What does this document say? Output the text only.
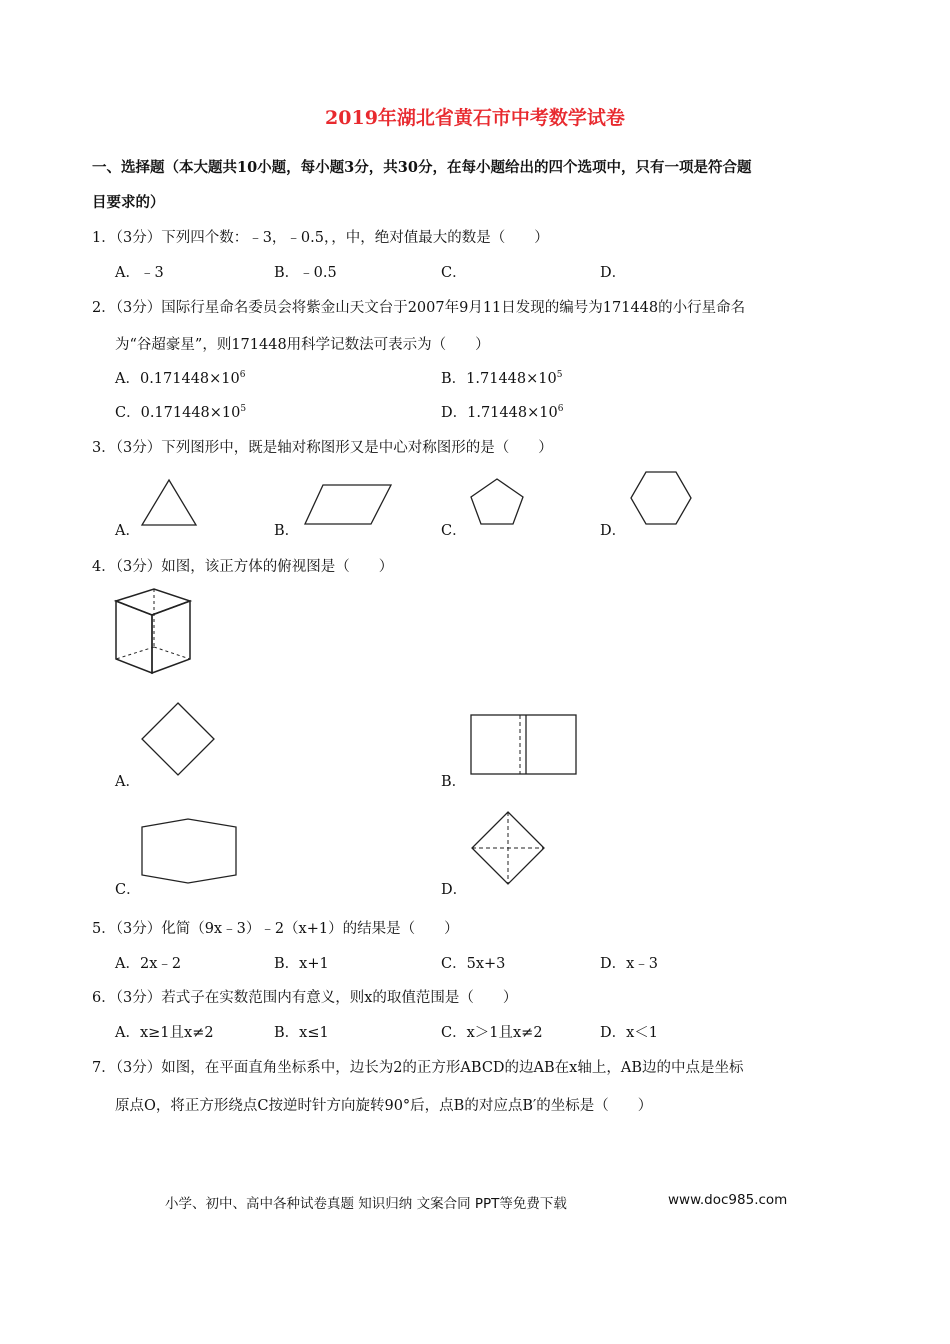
2019年湖北省黄石市中考数学试卷
一、选择题（本大题共10小题，每小题3分，共30分，在每小题给出的四个选项中，只有一项是符合题
目要求的）
1．（3分）下列四个数：﹣3，﹣0.5，，中，绝对值最大的数是（　　）
A．﹣3	B．﹣0.5	C．	D．
2．（3分）国际行星命名委员会将紫金山天文台于2007年9月11日发现的编号为171448的小行星命名
为“谷超豪星”，则171448用科学记数法可表示为（　　）
A．$0.171448\times 10^6$	B．$1.71448\times 10^5$
C．$0.171448\times 10^5$	D．$1.71448\times 10^6$
3．（3分）下列图形中，既是轴对称图形又是中心对称图形的是（　　）
A．	B．	C．	D．
4．（3分）如图，该正方体的俯视图是（　　）
A．	B．
C．	D．
5．（3分）化简（9x﹣3）﹣2（x+1）的结果是（　　）
A．2x﹣2	B．x+1	C．5x+3	D．x﹣3
6．（3分）若式子在实数范围内有意义，则x的取值范围是（　　）
A．x≥1且x≠2	B．x≤1	C．x＞1且x≠2	D．x＜1
7．（3分）如图，在平面直角坐标系中，边长为2的正方形ABCD的边AB在x轴上，AB边的中点是坐标
原点O，将正方形绕点C按逆时针方向旋转90°后，点B的对应点B′的坐标是（　　）
小学、初中、高中各种试卷真题 知识归纳 文案合同 PPT等免费下载	www.doc985.com
